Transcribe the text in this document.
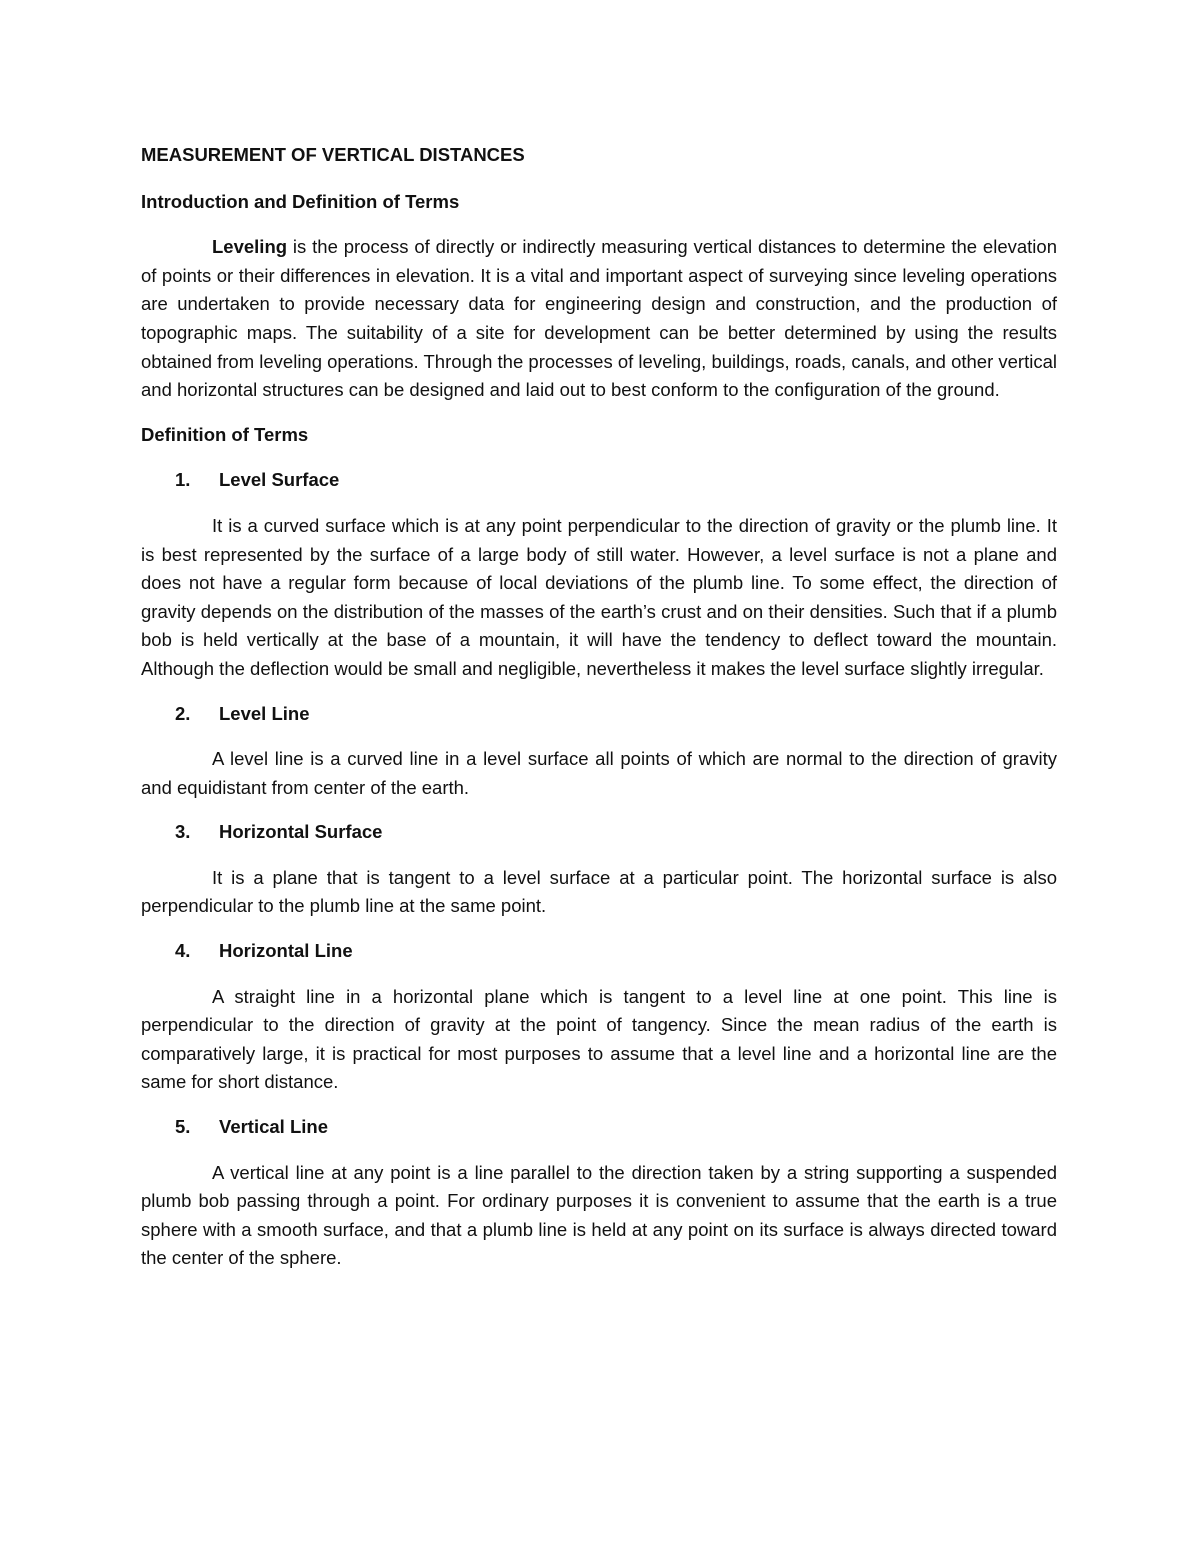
MEASUREMENT OF VERTICAL DISTANCES
Introduction and Definition of Terms

Leveling is the process of directly or indirectly measuring vertical distances to determine the elevation of points or their differences in elevation. It is a vital and important aspect of surveying since leveling operations are undertaken to provide necessary data for engineering design and construction, and the production of topographic maps. The suitability of a site for development can be better determined by using the results obtained from leveling operations. Through the processes of leveling, buildings, roads, canals, and other vertical and horizontal structures can be designed and laid out to best conform to the configuration of the ground.

Definition of Terms
1.	Level Surface

It is a curved surface which is at any point perpendicular to the direction of gravity or the plumb line. It is best represented by the surface of a large body of still water. However, a level surface is not a plane and does not have a regular form because of local deviations of the plumb line. To some effect, the direction of gravity depends on the distribution of the masses of the earth’s crust and on their densities. Such that if a plumb bob is held vertically at the base of a mountain, it will have the tendency to deflect toward the mountain. Although the deflection would be small and negligible, nevertheless it makes the level surface slightly irregular.

2.	Level Line

A level line is a curved line in a level surface all points of which are normal to the direction of gravity and equidistant from center of the earth.

3.	Horizontal Surface

It is a plane that is tangent to a level surface at a particular point. The horizontal surface is also perpendicular to the plumb line at the same point.

4.	Horizontal Line

A straight line in a horizontal plane which is tangent to a level line at one point. This line is perpendicular to the direction of gravity at the point of tangency. Since the mean radius of the earth is comparatively large, it is practical for most purposes to assume that a level line and a horizontal line are the same for short distance.

5.	Vertical Line

A vertical line at any point is a line parallel to the direction taken by a string supporting a suspended plumb bob passing through a point. For ordinary purposes it is convenient to assume that the earth is a true sphere with a smooth surface, and that a plumb line is held at any point on its surface is always directed toward the center of the sphere.
